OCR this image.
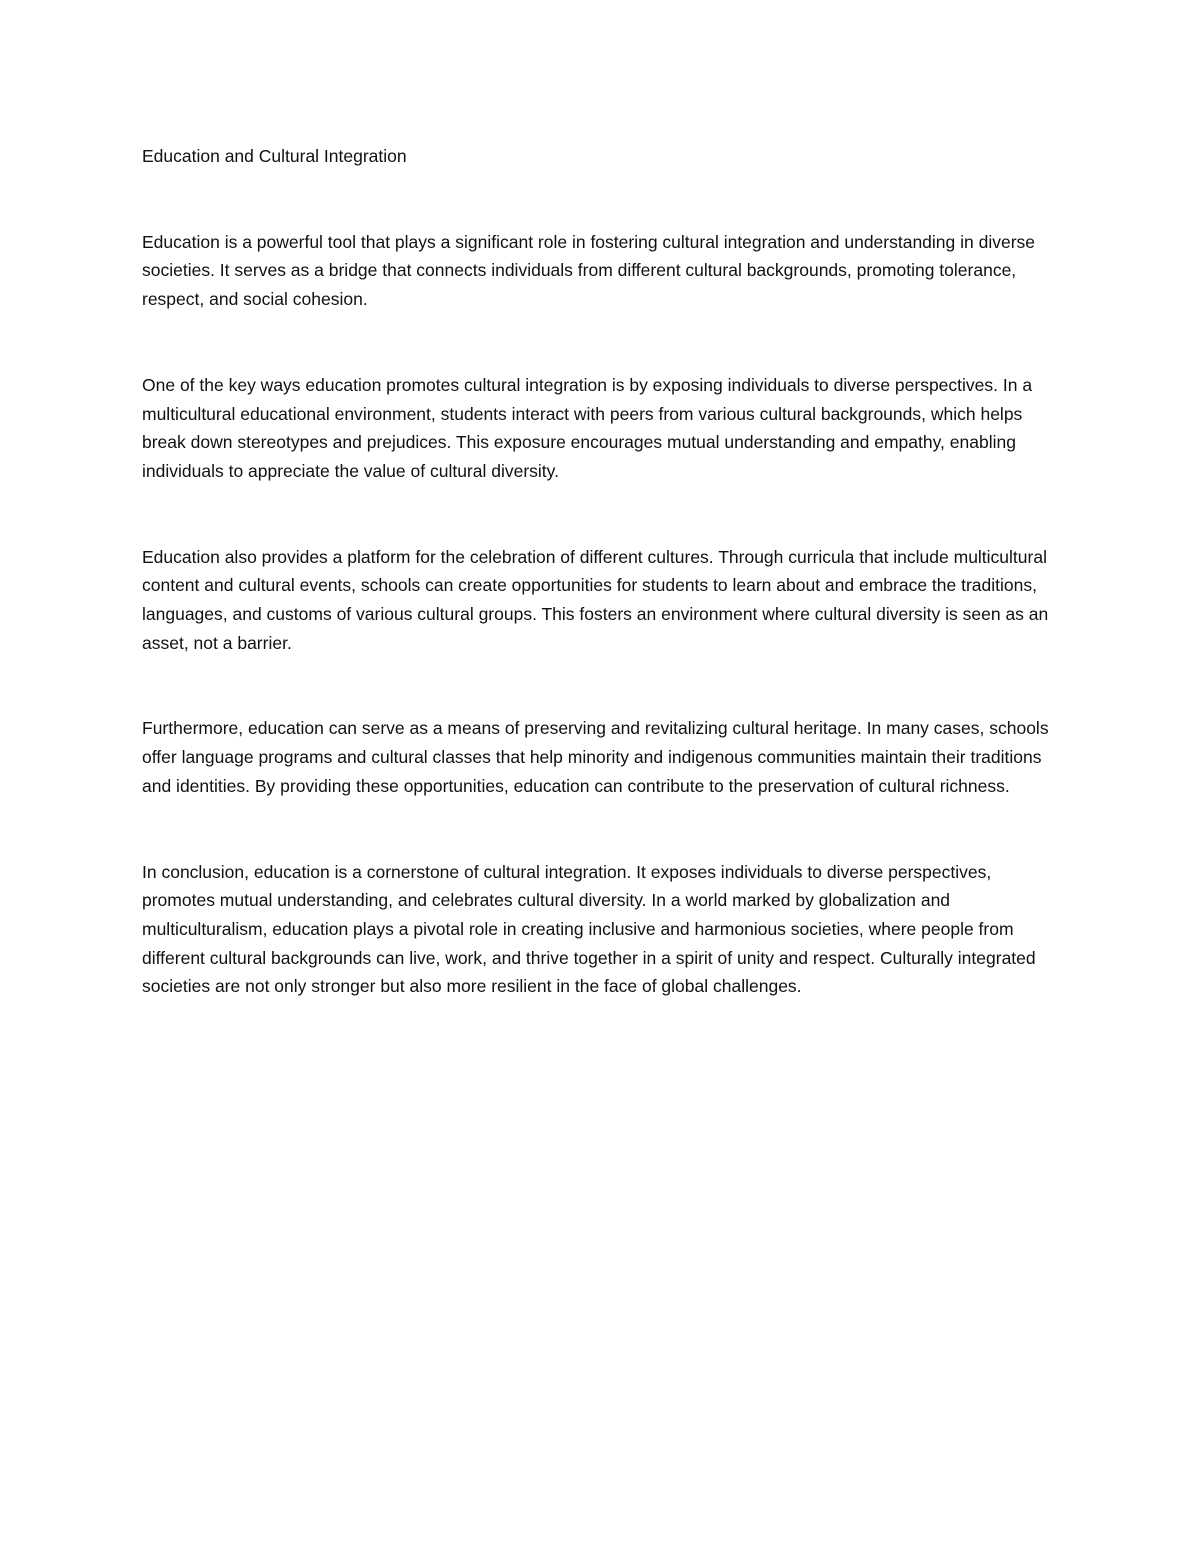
Education and Cultural Integration

Education is a powerful tool that plays a significant role in fostering cultural integration and understanding in diverse societies. It serves as a bridge that connects individuals from different cultural backgrounds, promoting tolerance, respect, and social cohesion.

One of the key ways education promotes cultural integration is by exposing individuals to diverse perspectives. In a multicultural educational environment, students interact with peers from various cultural backgrounds, which helps break down stereotypes and prejudices. This exposure encourages mutual understanding and empathy, enabling individuals to appreciate the value of cultural diversity.

Education also provides a platform for the celebration of different cultures. Through curricula that include multicultural content and cultural events, schools can create opportunities for students to learn about and embrace the traditions, languages, and customs of various cultural groups. This fosters an environment where cultural diversity is seen as an asset, not a barrier.

Furthermore, education can serve as a means of preserving and revitalizing cultural heritage. In many cases, schools offer language programs and cultural classes that help minority and indigenous communities maintain their traditions and identities. By providing these opportunities, education can contribute to the preservation of cultural richness.

In conclusion, education is a cornerstone of cultural integration. It exposes individuals to diverse perspectives, promotes mutual understanding, and celebrates cultural diversity. In a world marked by globalization and multiculturalism, education plays a pivotal role in creating inclusive and harmonious societies, where people from different cultural backgrounds can live, work, and thrive together in a spirit of unity and respect. Culturally integrated societies are not only stronger but also more resilient in the face of global challenges.
